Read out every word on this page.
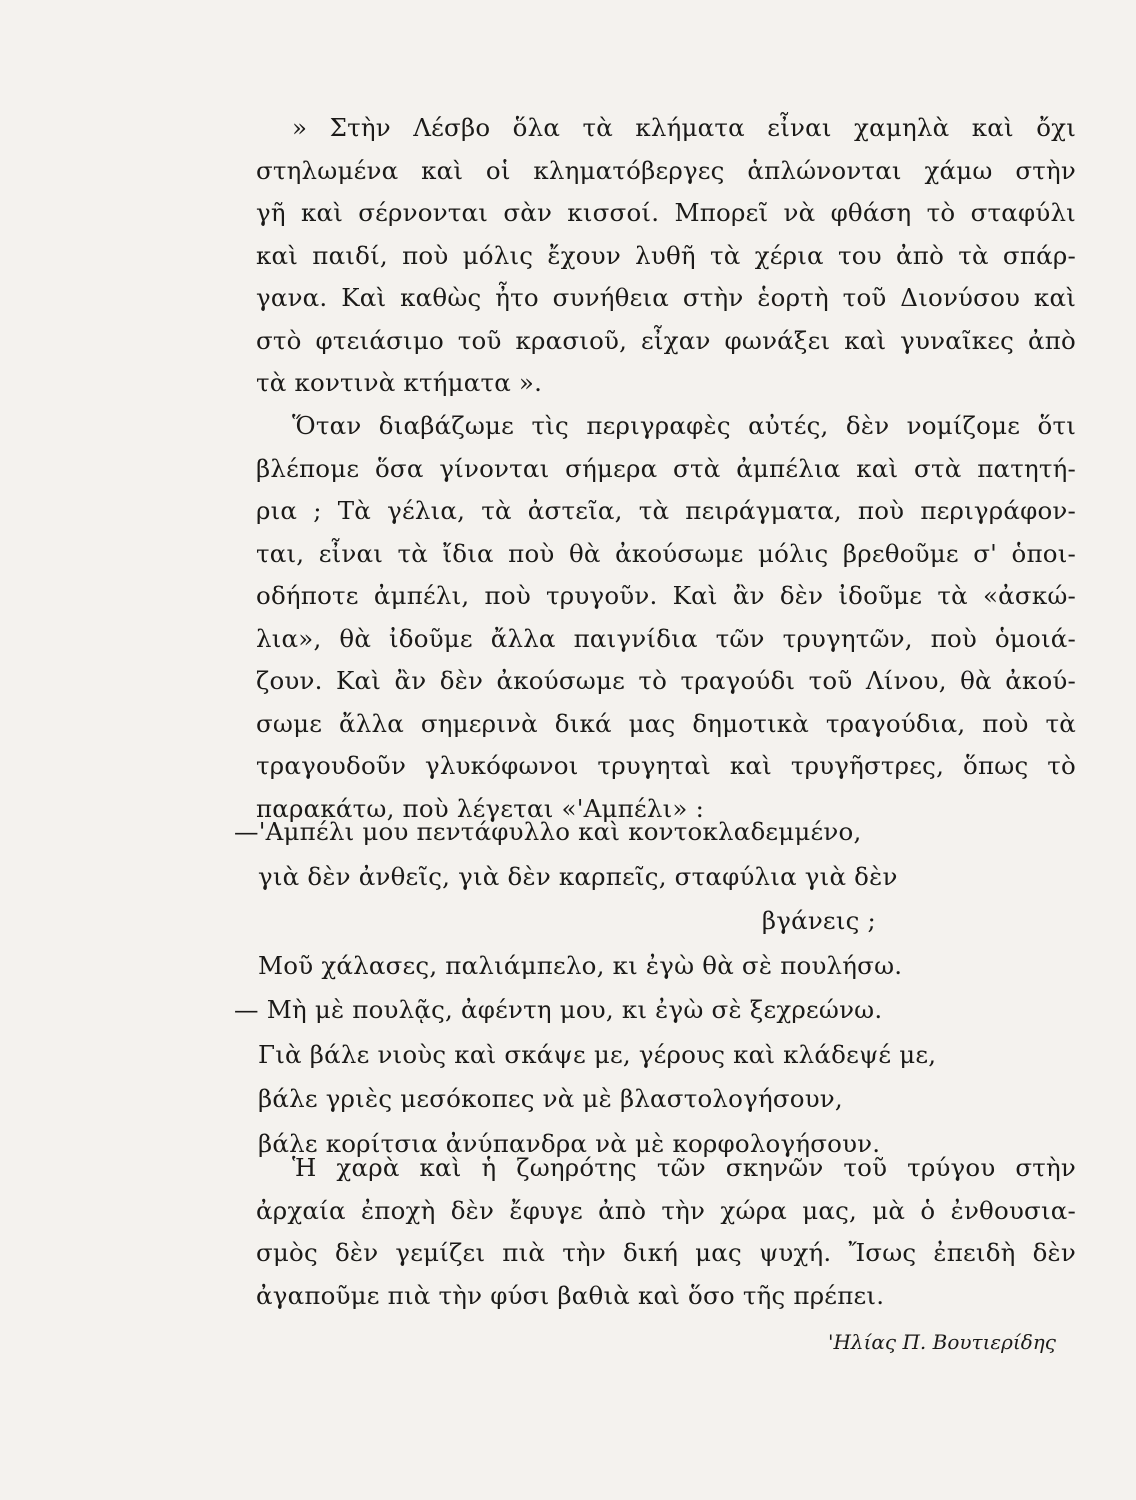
» Στὴν Λέσβο ὅλα τὰ κλήματα εἶναι χαμηλὰ καὶ ὄχι
στηλωμένα καὶ οἱ κληματόβεργες ἁπλώνονται χάμω στὴν
γῆ καὶ σέρνονται σὰν κισσοί. Μπορεῖ νὰ φθάση τὸ σταφύλι
καὶ παιδί, ποὺ μόλις ἔχουν λυθῆ τὰ χέρια του ἀπὸ τὰ σπάρ-
γανα. Καὶ καθὼς ἦτο συνήθεια στὴν ἑορτὴ τοῦ Διονύσου καὶ
στὸ φτειάσιμο τοῦ κρασιοῦ, εἶχαν φωνάξει καὶ γυναῖκες ἀπὸ
τὰ κοντινὰ κτήματα ».
Ὅταν διαβάζωμε τὶς περιγραφὲς αὐτές, δὲν νομίζομε ὅτι
βλέπομε ὅσα γίνονται σήμερα στὰ ἀμπέλια καὶ στὰ πατητή-
ρια ; Τὰ γέλια, τὰ ἀστεῖα, τὰ πειράγματα, ποὺ περιγράφον-
ται, εἶναι τὰ ἴδια ποὺ θὰ ἀκούσωμε μόλις βρεθοῦμε σ' ὁποι-
οδήποτε ἀμπέλι, ποὺ τρυγοῦν. Καὶ ἂν δὲν ἰδοῦμε τὰ «ἀσκώ-
λια», θὰ ἰδοῦμε ἄλλα παιγνίδια τῶν τρυγητῶν, ποὺ ὁμοιά-
ζουν. Καὶ ἂν δὲν ἀκούσωμε τὸ τραγούδι τοῦ Λίνου, θὰ ἀκού-
σωμε ἄλλα σημερινὰ δικά μας δημοτικὰ τραγούδια, ποὺ τὰ
τραγουδοῦν γλυκόφωνοι τρυγηταὶ καὶ τρυγῆστρες, ὅπως τὸ
παρακάτω, ποὺ λέγεται «'Αμπέλι» :
—'Αμπέλι μου πεντάφυλλο καὶ κοντοκλαδεμμένο,
γιὰ δὲν ἀνθεῖς, γιὰ δὲν καρπεῖς, σταφύλια γιὰ δὲν
βγάνεις ;
Μοῦ χάλασες, παλιάμπελο, κι ἐγὼ θὰ σὲ πουλήσω.
— Μὴ μὲ πουλᾷς, ἀφέντη μου, κι ἐγὼ σὲ ξεχρεώνω.
Γιὰ βάλε νιοὺς καὶ σκάψε με, γέρους καὶ κλάδεψέ με,
βάλε γριὲς μεσόκοπες νὰ μὲ βλαστολογήσουν,
βάλε κορίτσια ἀνύπανδρα νὰ μὲ κορφολογήσουν.
Ἡ χαρὰ καὶ ἡ ζωηρότης τῶν σκηνῶν τοῦ τρύγου στὴν
ἀρχαία ἐποχὴ δὲν ἔφυγε ἀπὸ τὴν χώρα μας, μὰ ὁ ἐνθουσια-
σμὸς δὲν γεμίζει πιὰ τὴν δική μας ψυχή. Ἴσως ἐπειδὴ δὲν
ἀγαποῦμε πιὰ τὴν φύσι βαθιὰ καὶ ὅσο τῆς πρέπει.
'Ηλίας Π. Βουτιερίδης
